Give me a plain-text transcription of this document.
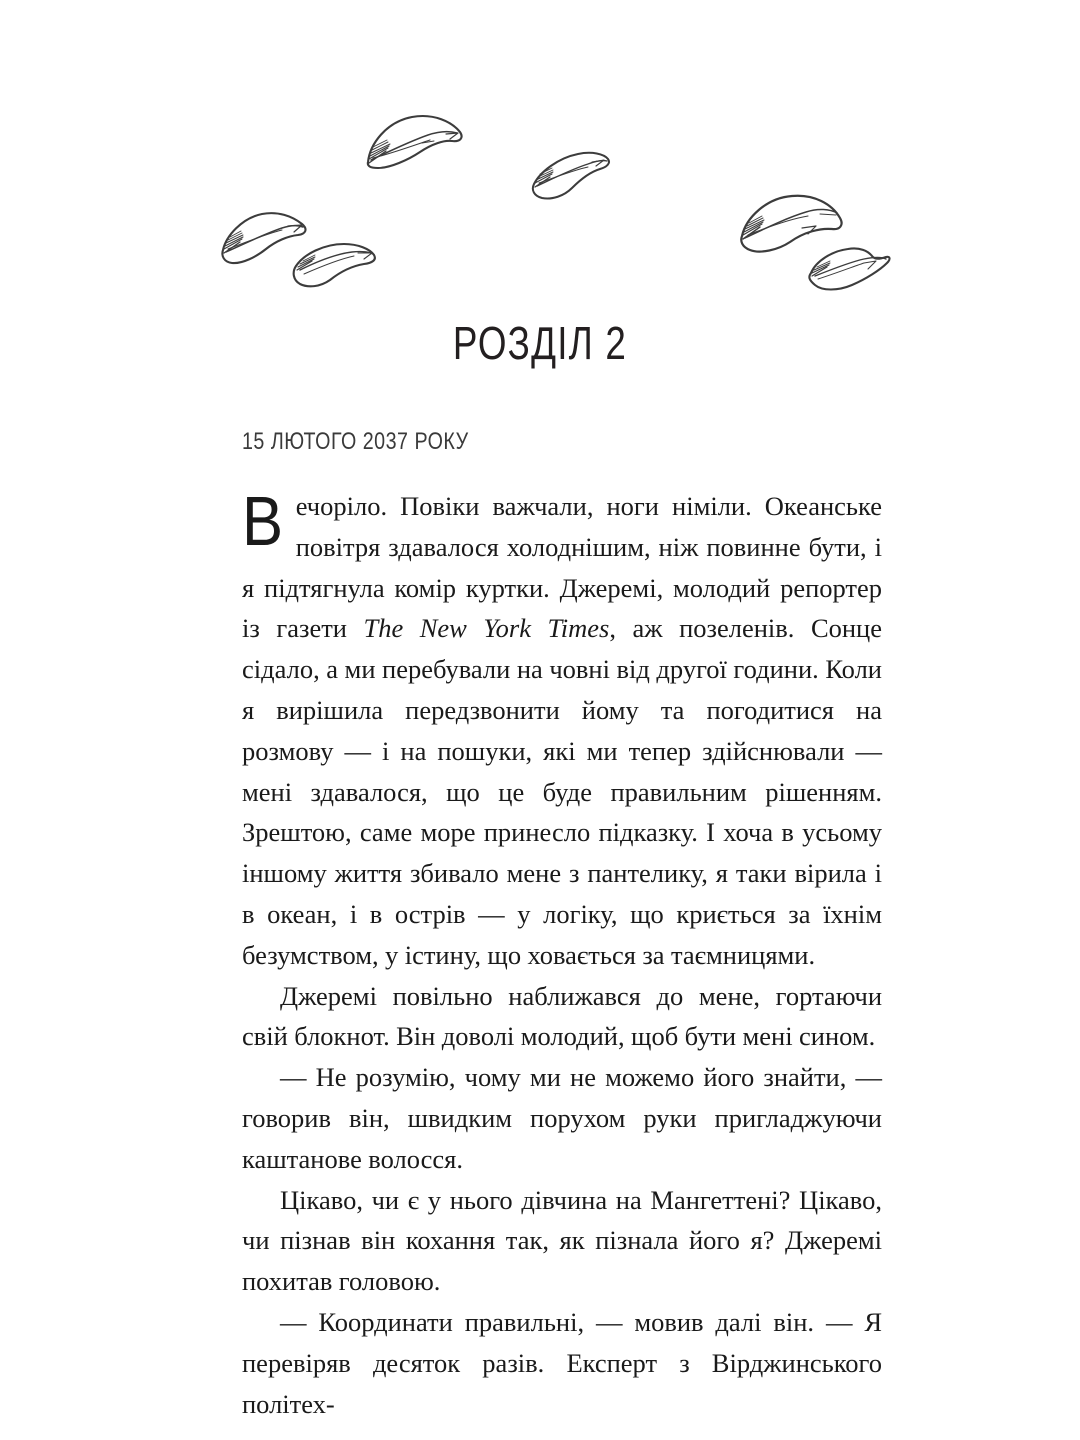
РОЗДІЛ 2
15 ЛЮТОГО 2037 РОКУ

Вечоріло. Повіки важчали, ноги німіли. Океанське повітря здавалося холоднішим, ніж повинне бути, і я підтягнула комір куртки. Джеремі, молодий репортер із газети The New York Times, аж позеленів. Сонце сідало, а ми перебували на човні від другої години. Коли я вирішила передзвонити йому та погодитися на розмову — і на пошуки, які ми тепер здійснювали — мені здавалося, що це буде правильним рішенням. Зрештою, саме море принесло підказку. І хоча в усьому іншому життя збивало мене з пантелику, я таки вірила і в океан, і в острів — у логіку, що криється за їхнім безумством, у істину, що ховається за таємницями.

Джеремі повільно наближався до мене, гортаючи свій блокнот. Він доволі молодий, щоб бути мені сином.

— Не розумію, чому ми не можемо його знайти, — говорив він, швидким порухом руки пригладжуючи каштанове волосся.

Цікаво, чи є у нього дівчина на Мангеттені? Цікаво, чи пізнав він кохання так, як пізнала його я? Джеремі похитав головою.

— Координати правильні, — мовив далі він. — Я перевіряв десяток разів. Експерт з Вірджинського політех-
